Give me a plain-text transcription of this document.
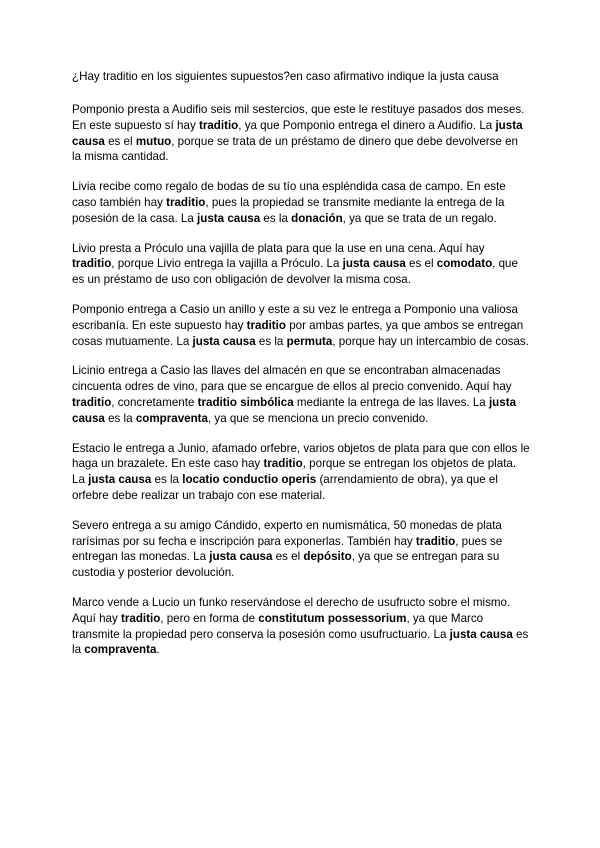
¿Hay traditio en los siguientes supuestos?en caso afirmativo indique la justa causa

Pomponio presta a Audifio seis mil sestercios, que este le restituye pasados dos meses. En este supuesto sí hay traditio, ya que Pomponio entrega el dinero a Audifio. La justa causa es el mutuo, porque se trata de un préstamo de dinero que debe devolverse en la misma cantidad.

Livia recibe como regalo de bodas de su tío una espléndida casa de campo. En este caso también hay traditio, pues la propiedad se transmite mediante la entrega de la posesión de la casa. La justa causa es la donación, ya que se trata de un regalo.

Livio presta a Próculo una vajilla de plata para que la use en una cena. Aquí hay traditio, porque Livio entrega la vajilla a Próculo. La justa causa es el comodato, que es un préstamo de uso con obligación de devolver la misma cosa.

Pomponio entrega a Casio un anillo y este a su vez le entrega a Pomponio una valiosa escribanía. En este supuesto hay traditio por ambas partes, ya que ambos se entregan cosas mutuamente. La justa causa es la permuta, porque hay un intercambio de cosas.

Licinio entrega a Casio las llaves del almacén en que se encontraban almacenadas cincuenta odres de vino, para que se encargue de ellos al precio convenido. Aquí hay traditio, concretamente traditio simbólica mediante la entrega de las llaves. La justa causa es la compraventa, ya que se menciona un precio convenido.

Estacio le entrega a Junio, afamado orfebre, varios objetos de plata para que con ellos le haga un brazalete. En este caso hay traditio, porque se entregan los objetos de plata. La justa causa es la locatio conductio operis (arrendamiento de obra), ya que el orfebre debe realizar un trabajo con ese material.

Severo entrega a su amigo Cándido, experto en numismática, 50 monedas de plata rarísimas por su fecha e inscripción para exponerlas. También hay traditio, pues se entregan las monedas. La justa causa es el depósito, ya que se entregan para su custodia y posterior devolución.

Marco vende a Lucio un funko reservándose el derecho de usufructo sobre el mismo. Aquí hay traditio, pero en forma de constitutum possessorium, ya que Marco transmite la propiedad pero conserva la posesión como usufructuario. La justa causa es la compraventa.
